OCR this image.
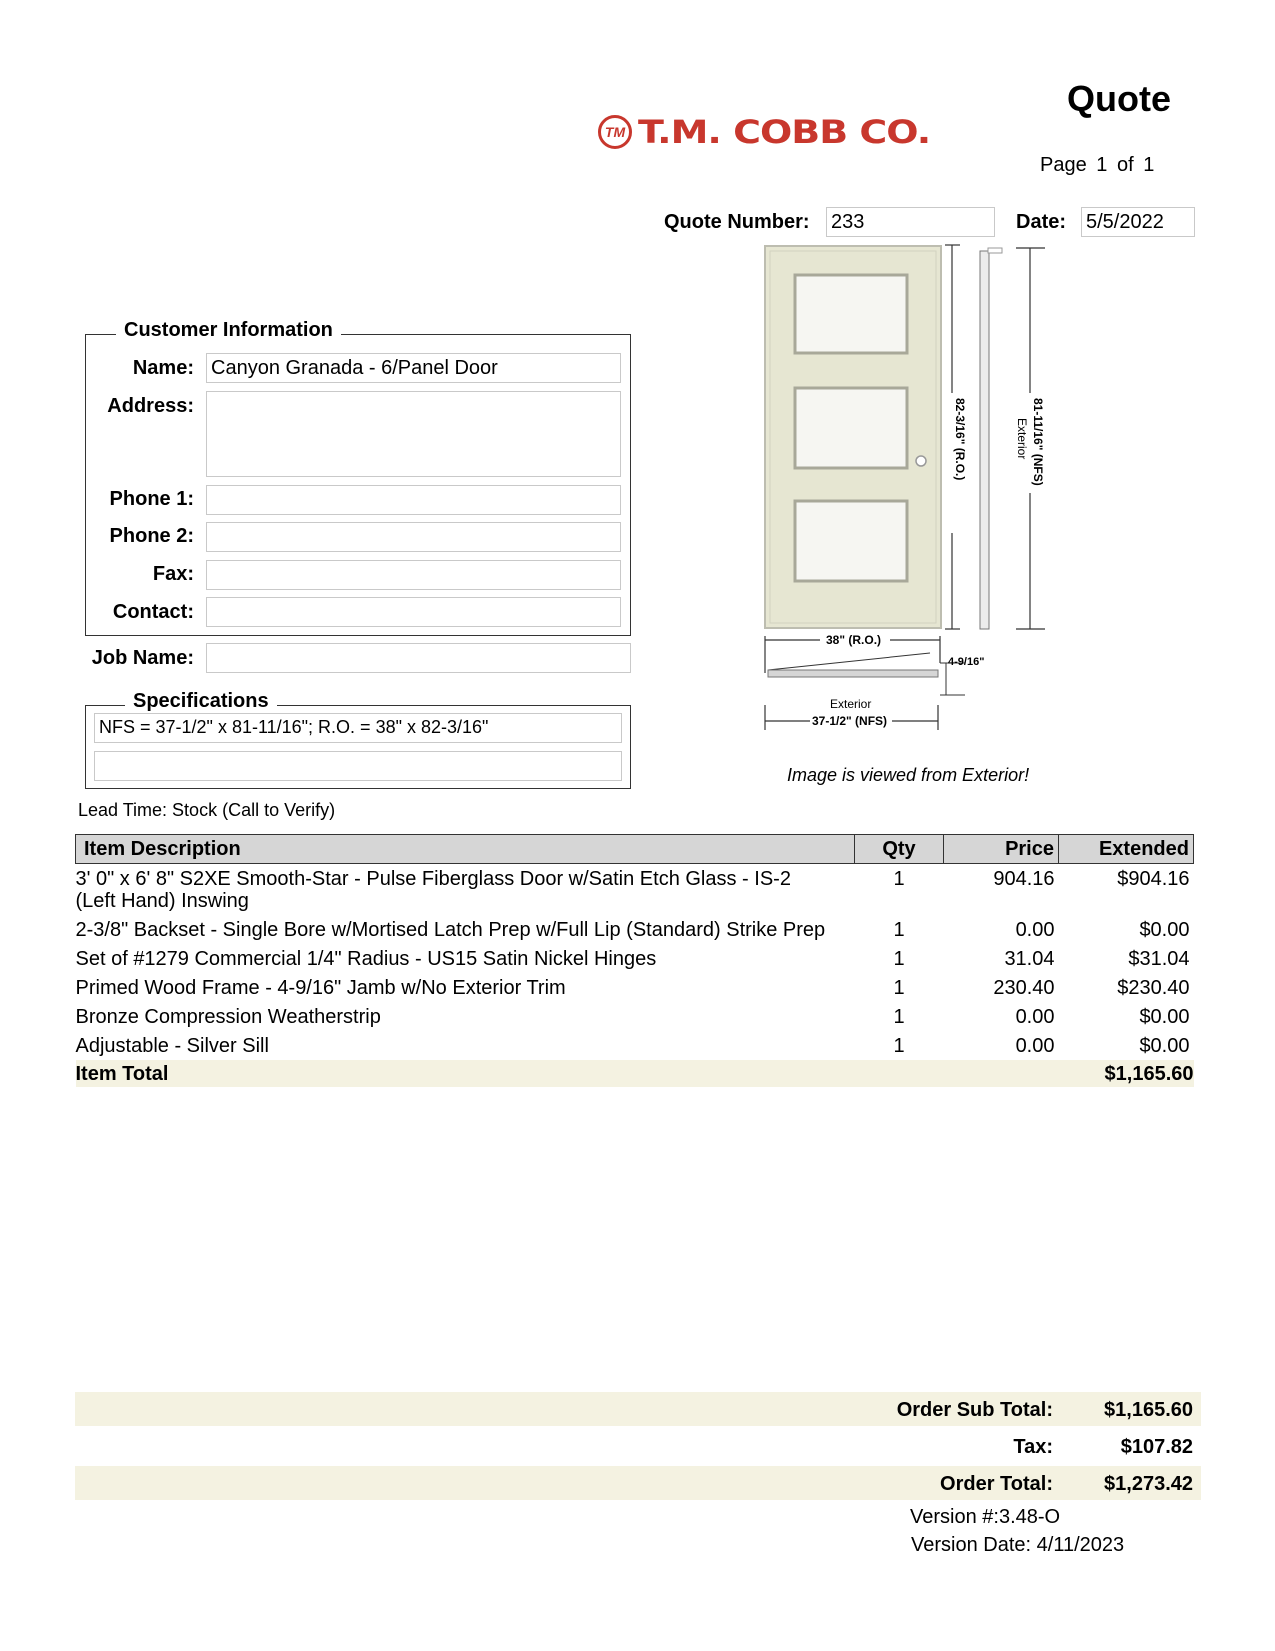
TM T.M. COBB CO.
Quote
Page 1 of 1
Quote Number: 233	Date: 5/5/2022
Customer Information
Name: Canyon Granada - 6/Panel Door
Address:
Phone 1:
Phone 2:
Fax:
Contact:
Job Name:
Specifications
NFS = 37-1/2" x 81-11/16"; R.O. = 38" x 82-3/16"
Lead Time: Stock (Call to Verify)
82-3/16" (R.O.)	81-11/16" (NFS)
Exterior
38" (R.O.)
4-9/16"
Exterior
37-1/2" (NFS)
Image is viewed from Exterior!
Item Description	Qty	Price	Extended
3' 0" x 6' 8" S2XE Smooth-Star - Pulse Fiberglass Door w/Satin Etch Glass - IS-2 (Left Hand) Inswing	1	904.16	$904.16
2-3/8" Backset - Single Bore w/Mortised Latch Prep w/Full Lip (Standard) Strike Prep	1	0.00	$0.00
Set of #1279 Commercial 1/4" Radius - US15 Satin Nickel Hinges	1	31.04	$31.04
Primed Wood Frame - 4-9/16" Jamb w/No Exterior Trim	1	230.40	$230.40
Bronze Compression Weatherstrip	1	0.00	$0.00
Adjustable - Silver Sill	1	0.00	$0.00
Item Total			$1,165.60
Order Sub Total:	$1,165.60
Tax:	$107.82
Order Total:	$1,273.42
Version #:3.48-O
Version Date: 4/11/2023
